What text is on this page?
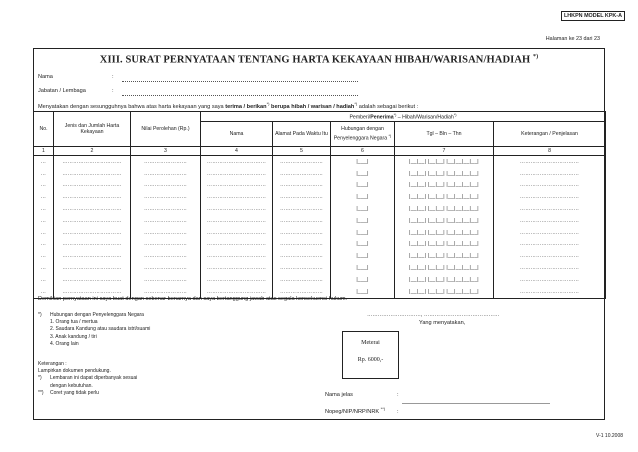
LHKPN MODEL KPK-A
Halaman ke 23 dari 23
XIII. SURAT PERNYATAAN TENTANG HARTA KEKAYAAN HIBAH/WARISAN/HADIAH *)
Nama	:
Jabatan / Lembaga	:
Menyatakan dengan sesungguhnya bahwa atas harta kekayaan yang saya terima / berikan*) berupa hibah / warisan / hadiah*) adalah sebagai berikut :
No.	Jenis dan Jumlah Harta Kekayaan	Nilai Perolehan (Rp.)	Pemberi/Penerima*) – Hibah/Warisan/Hadiah*)
			Nama	Alamat Pada Waktu Itu	Hubungan dengan Penyelenggara Negara *)	Tgl – Bln – Thn	Keterangan / Penjelasan
1	2	3	4	5	6	7	8
…	……………………………	……………………	……………………………	……………………	|___|	|__|__| |__|__| |__|__|__|__|	……………………………
…	……………………………	……………………	……………………………	……………………	|___|	|__|__| |__|__| |__|__|__|__|	……………………………
…	……………………………	……………………	……………………………	……………………	|___|	|__|__| |__|__| |__|__|__|__|	……………………………
…	……………………………	……………………	……………………………	……………………	|___|	|__|__| |__|__| |__|__|__|__|	……………………………
…	……………………………	……………………	……………………………	……………………	|___|	|__|__| |__|__| |__|__|__|__|	……………………………
…	……………………………	……………………	……………………………	……………………	|___|	|__|__| |__|__| |__|__|__|__|	……………………………
…	……………………………	……………………	……………………………	……………………	|___|	|__|__| |__|__| |__|__|__|__|	……………………………
…	……………………………	……………………	……………………………	……………………	|___|	|__|__| |__|__| |__|__|__|__|	……………………………
…	……………………………	……………………	……………………………	……………………	|___|	|__|__| |__|__| |__|__|__|__|	……………………………
…	……………………………	……………………	……………………………	……………………	|___|	|__|__| |__|__| |__|__|__|__|	……………………………
…	……………………………	……………………	……………………………	……………………	|___|	|__|__| |__|__| |__|__|__|__|	……………………………
…	……………………………	……………………	……………………………	……………………	|___|	|__|__| |__|__| |__|__|__|__|	……………………………
Demikian pernyataan ini saya buat dengan sebenar-benarnya dan saya bertanggung jawab atas segala konsekuensi hukum.
*) Hubungan dengan Penyelenggara Negara
1. Orang tua / mertua
2. Saudara Kandung atau saudara istri/suami
3. Anak kandung / tiri
4. Orang lain
Keterangan :
Lampirkan dokumen pendukung.
*) Lembaran ini dapat diperbanyak sesuai
dengan kebutuhan.
**) Coret yang tidak perlu
…………………………, ……………………………………
Yang menyatakan,
Meterai
Rp. 6000,-
Nama jelas	:
Nopeg/NIP/NRP/NRK **):
V-1 10.2008
